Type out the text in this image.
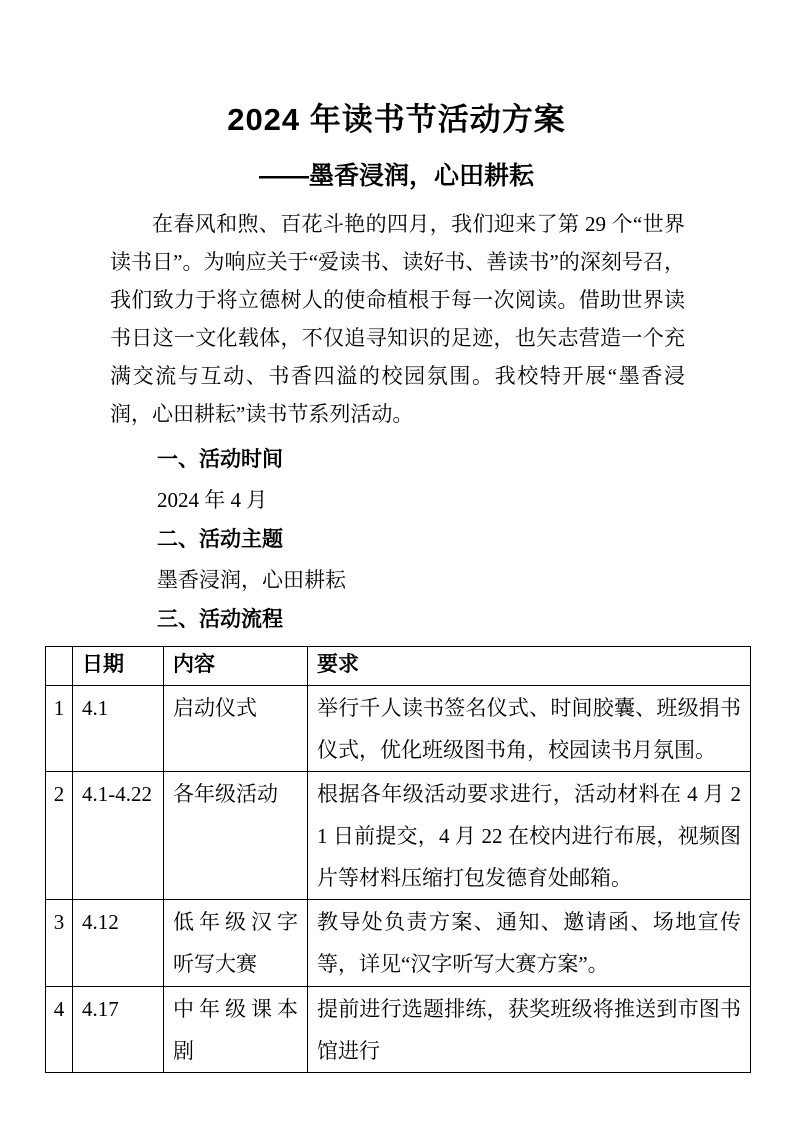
2024 年读书节活动方案
——墨香浸润，心田耕耘

在春风和煦、百花斗艳的四月，我们迎来了第 29 个“世界读书日”。为响应关于“爱读书、读好书、善读书”的深刻号召，我们致力于将立德树人的使命植根于每一次阅读。借助世界读书日这一文化载体，不仅追寻知识的足迹，也矢志营造一个充满交流与互动、书香四溢的校园氛围。我校特开展“墨香浸润，心田耕耘”读书节系列活动。

一、活动时间
2024 年 4 月
二、活动主题
墨香浸润，心田耕耘
三、活动流程
	日期	内容	要求
1	4.1	启动仪式	举行千人读书签名仪式、时间胶囊、班级捐书仪式，优化班级图书角，校园读书月氛围。
2	4.1-4.22	各年级活动	根据各年级活动要求进行，活动材料在 4 月 21 日前提交，4 月 22 在校内进行布展，视频图片等材料压缩打包发德育处邮箱。
3	4.12	低年级汉字听写大赛	教导处负责方案、通知、邀请函、场地宣传等，详见“汉字听写大赛方案”。
4	4.17	中年级课本剧	提前进行选题排练，获奖班级将推送到市图书馆进行
